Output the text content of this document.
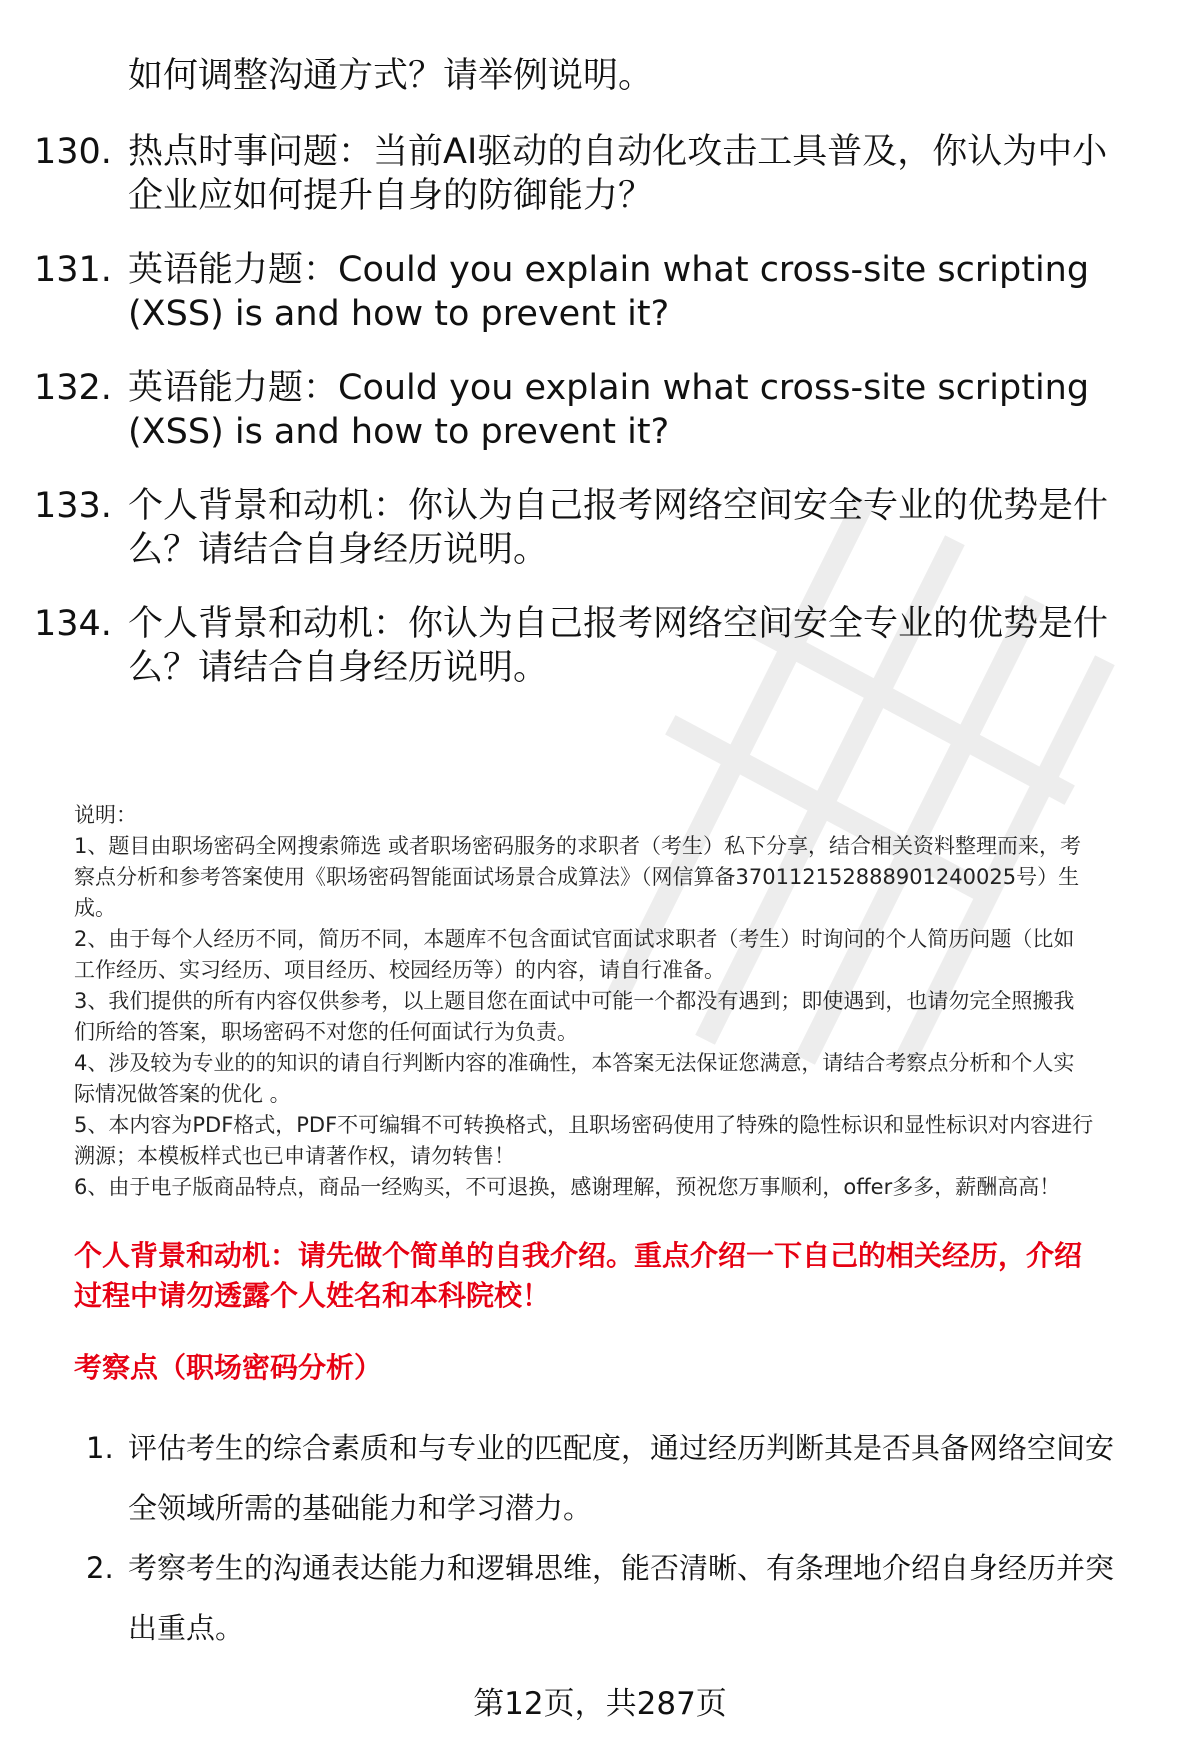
如何调整沟通方式？请举例说明。
130. 热点时事问题：当前AI驱动的自动化攻击工具普及，你认为中小
企业应如何提升自身的防御能力？
131. 英语能力题：Could you explain what cross-site scripting
(XSS) is and how to prevent it?
132. 英语能力题：Could you explain what cross-site scripting
(XSS) is and how to prevent it?
133. 个人背景和动机：你认为自己报考网络空间安全专业的优势是什
么？请结合自身经历说明。
134. 个人背景和动机：你认为自己报考网络空间安全专业的优势是什
么？请结合自身经历说明。
说明：
1、题目由职场密码全网搜索筛选 或者职场密码服务的求职者（考生）私下分享，结合相关资料整理而来，考
察点分析和参考答案使用《职场密码智能面试场景合成算法》（网信算备370112152888901240025号）生
成。
2、由于每个人经历不同，简历不同，本题库不包含面试官面试求职者（考生）时询问的个人简历问题（比如
工作经历、实习经历、项目经历、校园经历等）的内容，请自行准备。
3、我们提供的所有内容仅供参考，以上题目您在面试中可能一个都没有遇到；即使遇到，也请勿完全照搬我
们所给的答案，职场密码不对您的任何面试行为负责。
4、涉及较为专业的的知识的请自行判断内容的准确性，本答案无法保证您满意，请结合考察点分析和个人实
际情况做答案的优化 。
5、本内容为PDF格式，PDF不可编辑不可转换格式，且职场密码使用了特殊的隐性标识和显性标识对内容进行
溯源；本模板样式也已申请著作权，请勿转售！
6、由于电子版商品特点，商品一经购买，不可退换，感谢理解，预祝您万事顺利，offer多多，薪酬高高！
个人背景和动机：请先做个简单的自我介绍。重点介绍一下自己的相关经历，介绍
过程中请勿透露个人姓名和本科院校！
考察点（职场密码分析）
1. 评估考生的综合素质和与专业的匹配度，通过经历判断其是否具备网络空间安
全领域所需的基础能力和学习潜力。
2. 考察考生的沟通表达能力和逻辑思维，能否清晰、有条理地介绍自身经历并突
出重点。
第12页，共287页
